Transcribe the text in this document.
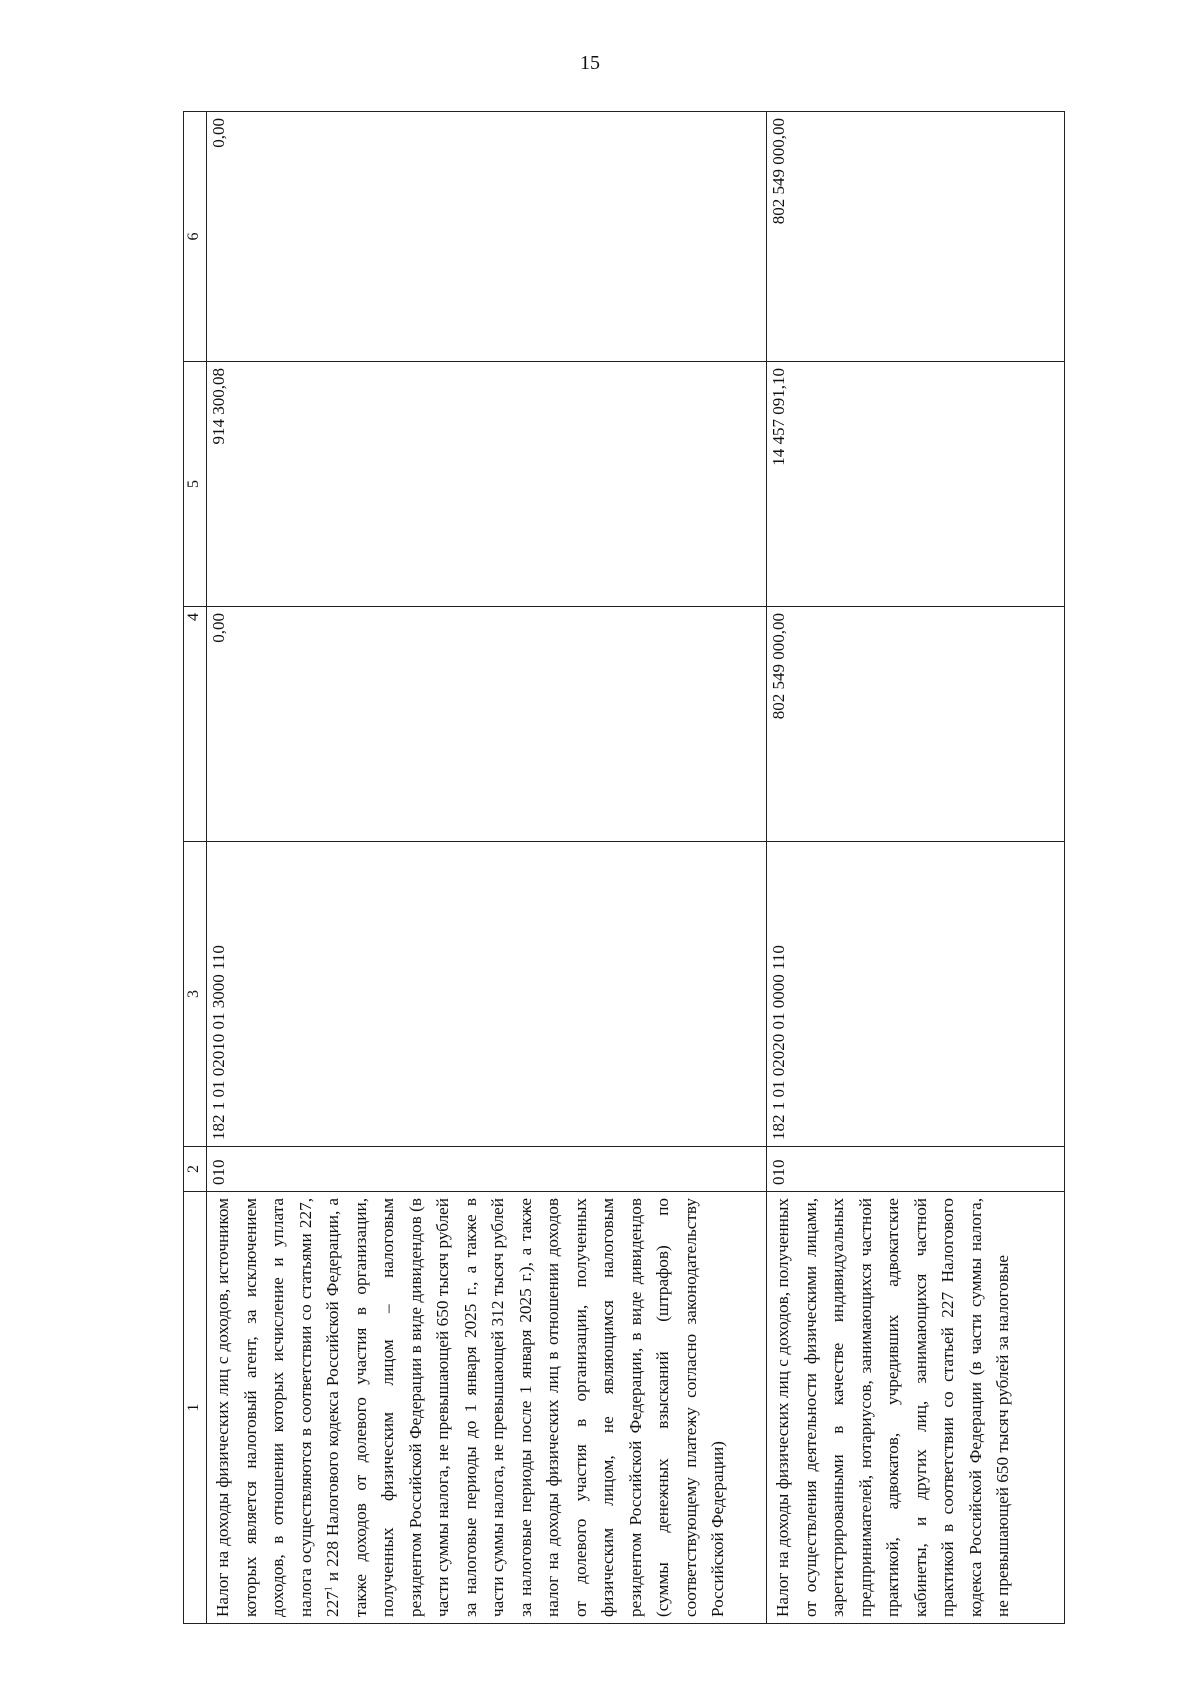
15
1	2	3	4	5	6
Налог на доходы физических лиц с доходов, источником которых является налоговый агент, за исключением доходов, в отношении которых исчисление и уплата налога осуществляются в соответствии со статьями 227, $227^1$ и 228 Налогового кодекса Российской Федерации, а также доходов от долевого участия в организации, полученных физическим лицом – налоговым резидентом Российской Федерации в виде дивидендов (в части суммы налога, не превышающей 650 тысяч рублей за налоговые периоды до 1 января 2025 г., а также в части суммы налога, не превышающей 312 тысяч рублей за налоговые периоды после 1 января 2025 г.), а также налог на доходы физических лиц в отношении доходов от долевого участия в организации, полученных физическим лицом, не являющимся налоговым резидентом Российской Федерации, в виде дивидендов (суммы денежных взысканий (штрафов) по соответствующему платежу согласно законодательству Российской Федерации)	010	182 1 01 02010 01 3000 110	0,00	914 300,08	0,00
Налог на доходы физических лиц с доходов, полученных от осуществления деятельности физическими лицами, зарегистрированными в качестве индивидуальных предпринимателей, нотариусов, занимающихся частной практикой, адвокатов, учредивших адвокатские кабинеты, и других лиц, занимающихся частной практикой в соответствии со статьей 227 Налогового кодекса Российской Федерации (в части суммы налога, не превышающей 650 тысяч рублей за налоговые	010	182 1 01 02020 01 0000 110	802 549 000,00	14 457 091,10	802 549 000,00
